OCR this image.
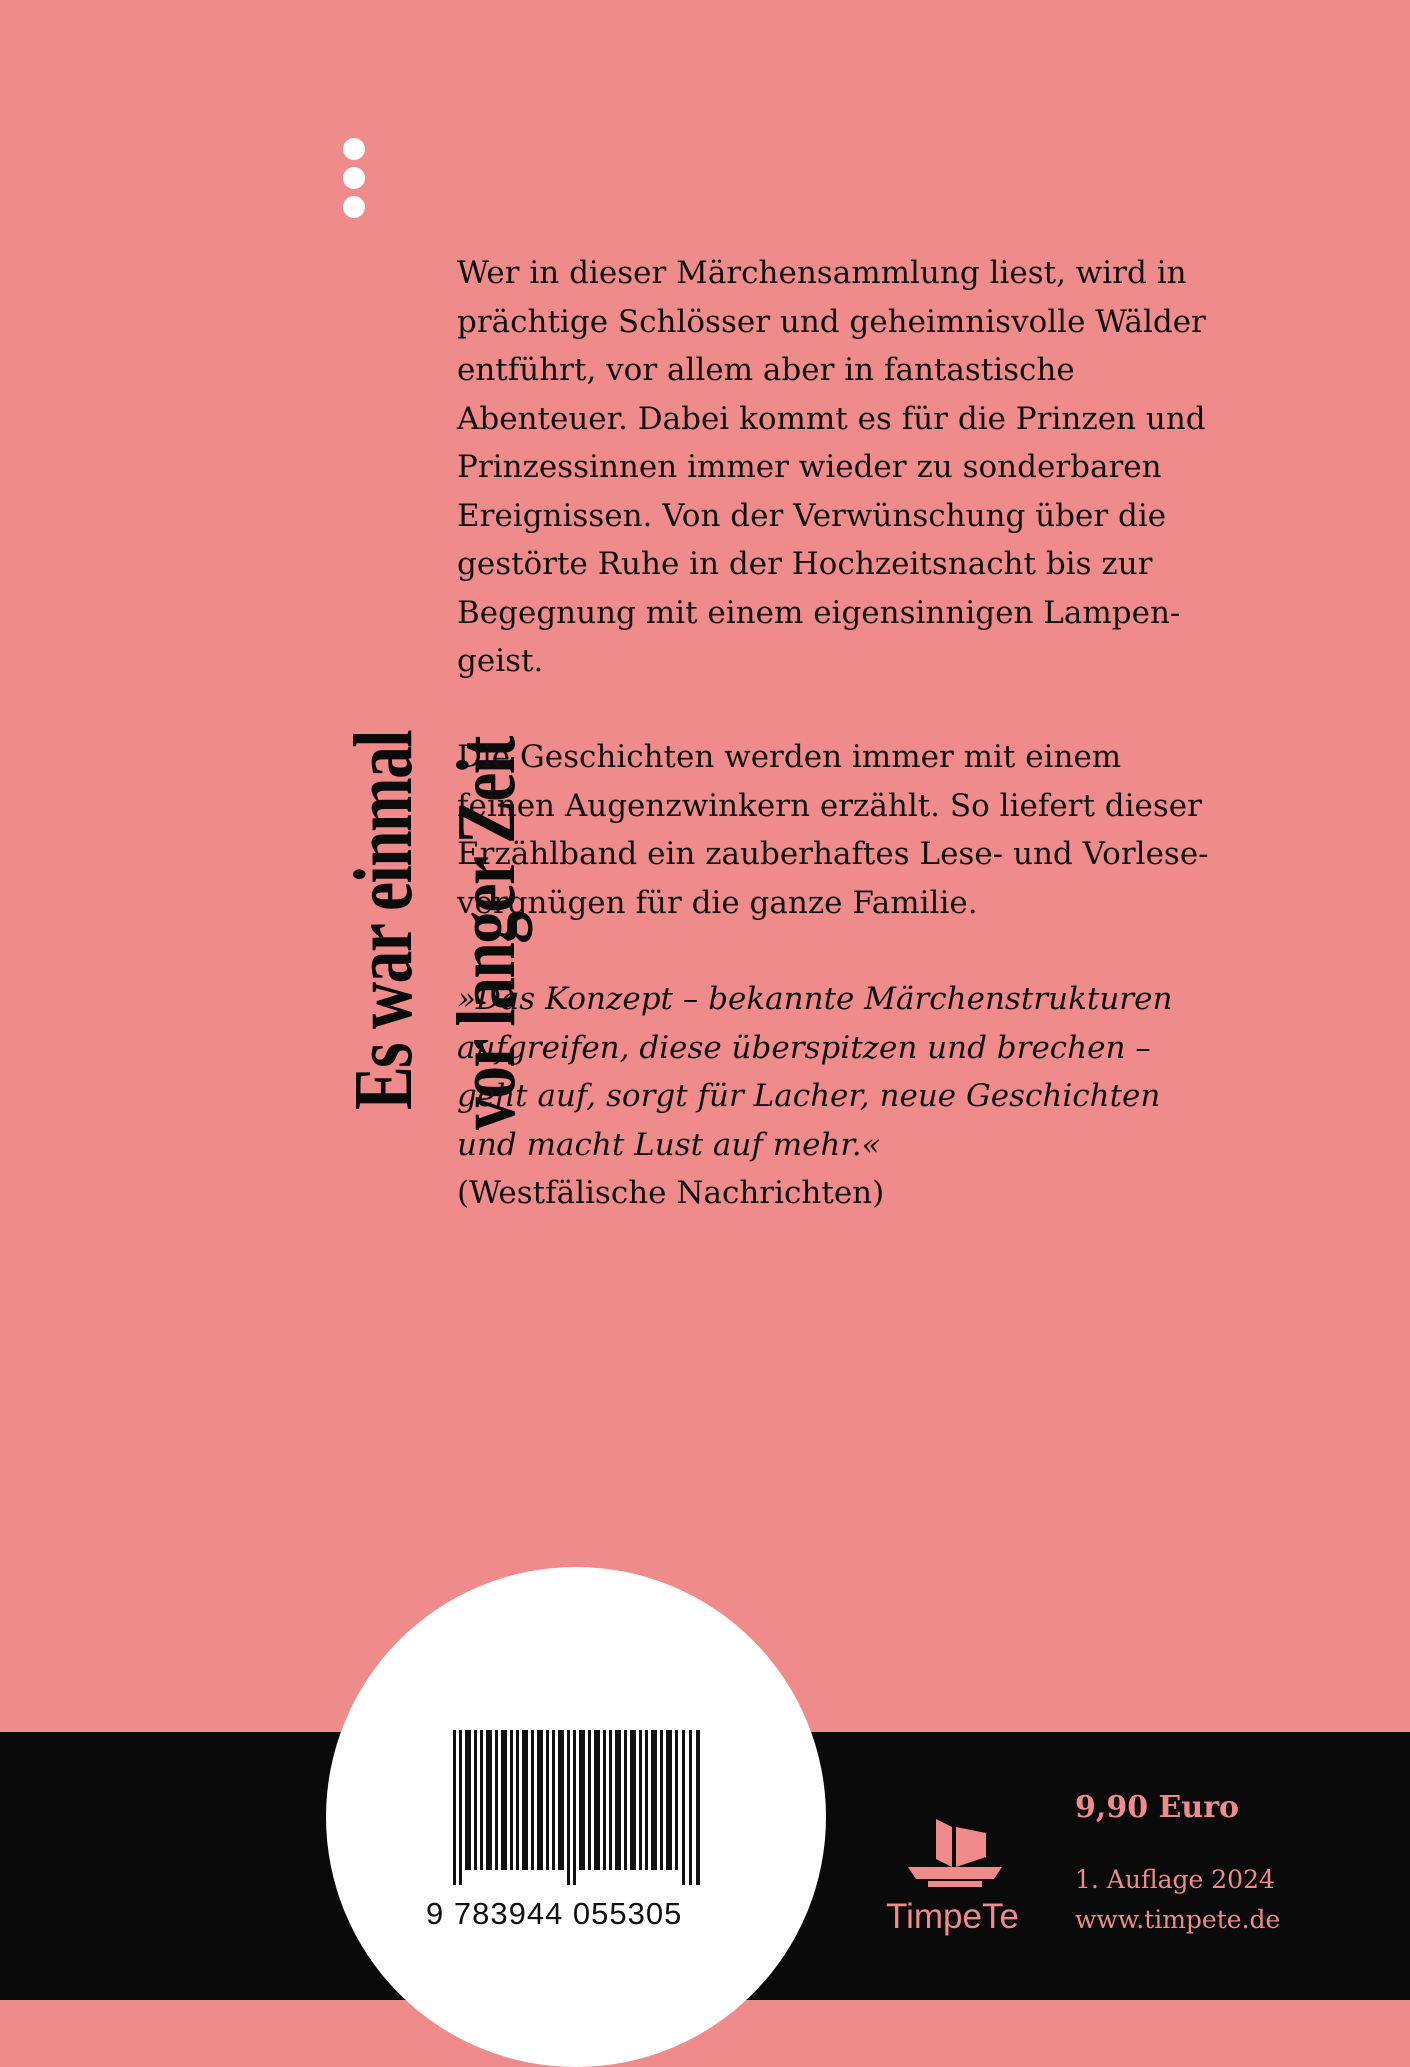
Es war einmal vor langer Zeit

Wer in dieser Märchensammlung liest, wird in prächtige Schlösser und geheimnisvolle Wälder entführt, vor allem aber in fantastische Abenteuer. Dabei kommt es für die Prinzen und Prinzessinnen immer wieder zu sonderbaren Ereignissen. Von der Verwünschung über die gestörte Ruhe in der Hochzeitsnacht bis zur Begegnung mit einem eigensinnigen Lampen-geist.

Die Geschichten werden immer mit einem feinen Augenzwinkern erzählt. So liefert dieser Erzählband ein zauberhaftes Lese- und Vorlese-vergnügen für die ganze Familie.

»Das Konzept – bekannte Märchenstrukturen aufgreifen, diese überspitzen und brechen – geht auf, sorgt für Lacher, neue Geschichten und macht Lust auf mehr.«
(Westfälische Nachrichten)
9 783944 055305	TimpeTe
9,90 Euro
1. Auflage 2024
www.timpete.de
